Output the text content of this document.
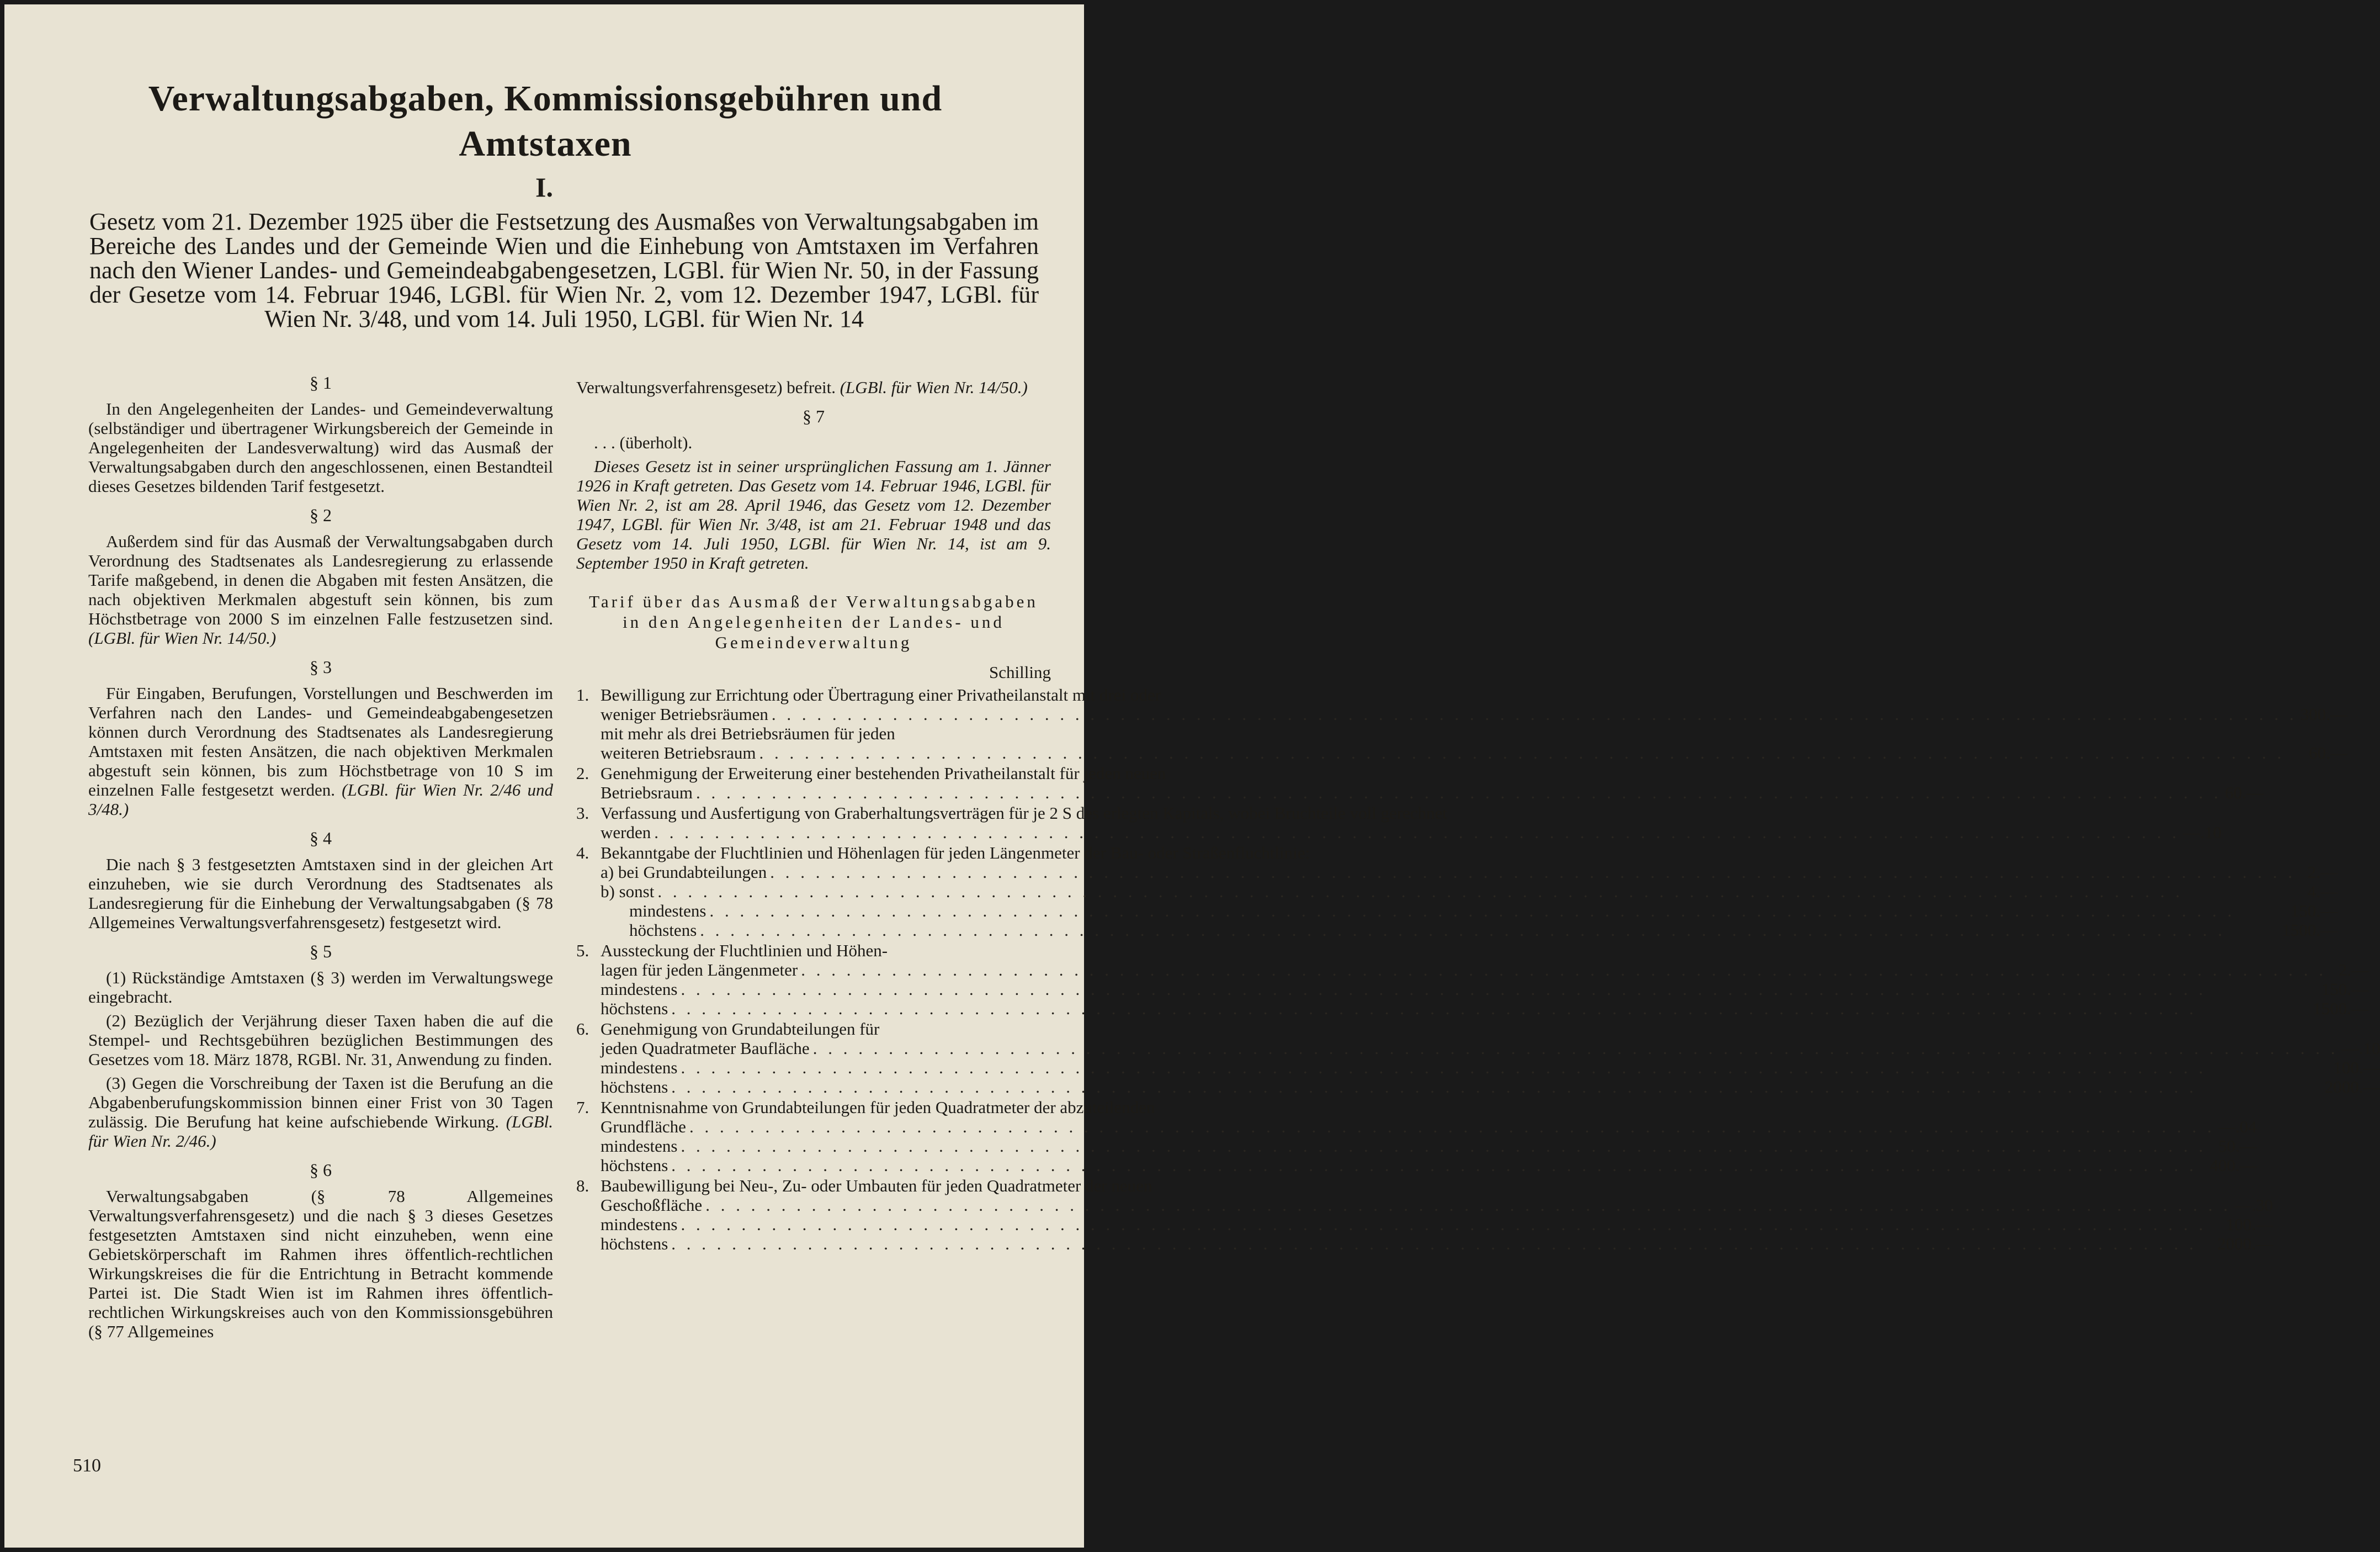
Verwaltungsabgaben, Kommissionsgebühren und Amtstaxen
I.

Gesetz vom 21. Dezember 1925 über die Festsetzung des Ausmaßes von Verwaltungsabgaben im Bereiche des Landes und der Gemeinde Wien und die Einhebung von Amtstaxen im Verfahren nach den Wiener Landes- und Gemeindeabgabengesetzen, LGBl. für Wien Nr. 50, in der Fassung der Gesetze vom 14. Februar 1946, LGBl. für Wien Nr. 2, vom 12. Dezember 1947, LGBl. für Wien Nr. 3/48, und vom 14. Juli 1950, LGBl. für Wien Nr. 14

§ 1

In den Angelegenheiten der Landes- und Gemeindeverwaltung (selbständiger und übertragener Wirkungsbereich der Gemeinde in Angelegenheiten der Landesverwaltung) wird das Ausmaß der Verwaltungsabgaben durch den angeschlossenen, einen Bestandteil dieses Gesetzes bildenden Tarif festgesetzt.

§ 2

Außerdem sind für das Ausmaß der Verwaltungsabgaben durch Verordnung des Stadtsenates als Landesregierung zu erlassende Tarife maßgebend, in denen die Abgaben mit festen Ansätzen, die nach objektiven Merkmalen abgestuft sein können, bis zum Höchstbetrage von 2000 S im einzelnen Falle festzusetzen sind. (LGBl. für Wien Nr. 14/50.)

§ 3

Für Eingaben, Berufungen, Vorstellungen und Beschwerden im Verfahren nach den Landes- und Gemeindeabgabengesetzen können durch Verordnung des Stadtsenates als Landesregierung Amtstaxen mit festen Ansätzen, die nach objektiven Merkmalen abgestuft sein können, bis zum Höchstbetrage von 10 S im einzelnen Falle festgesetzt werden. (LGBl. für Wien Nr. 2/46 und 3/48.)

§ 4

Die nach § 3 festgesetzten Amtstaxen sind in der gleichen Art einzuheben, wie sie durch Verordnung des Stadtsenates als Landesregierung für die Einhebung der Verwaltungsabgaben (§ 78 Allgemeines Verwaltungsverfahrensgesetz) festgesetzt wird.

§ 5

(1) Rückständige Amtstaxen (§ 3) werden im Verwaltungswege eingebracht.

(2) Bezüglich der Verjährung dieser Taxen haben die auf die Stempel- und Rechtsgebühren bezüglichen Bestimmungen des Gesetzes vom 18. März 1878, RGBl. Nr. 31, Anwendung zu finden.

(3) Gegen die Vorschreibung der Taxen ist die Berufung an die Abgabenberufungskommission binnen einer Frist von 30 Tagen zulässig. Die Berufung hat keine aufschiebende Wirkung. (LGBl. für Wien Nr. 2/46.)

§ 6

Verwaltungsabgaben (§ 78 Allgemeines Verwaltungsverfahrensgesetz) und die nach § 3 dieses Gesetzes festgesetzten Amtstaxen sind nicht einzuheben, wenn eine Gebietskörperschaft im Rahmen ihres öffentlich-rechtlichen Wirkungskreises die für die Entrichtung in Betracht kommende Partei ist. Die Stadt Wien ist im Rahmen ihres öffentlich-rechtlichen Wirkungskreises auch von den Kommissionsgebühren (§ 77 Allgemeines

Verwaltungsverfahrensgesetz) befreit. (LGBl. für Wien Nr. 14/50.)

§ 7

. . . (überholt).

Dieses Gesetz ist in seiner ursprünglichen Fassung am 1. Jänner 1926 in Kraft getreten. Das Gesetz vom 14. Februar 1946, LGBl. für Wien Nr. 2, ist am 28. April 1946, das Gesetz vom 12. Dezember 1947, LGBl. für Wien Nr. 3/48, ist am 21. Februar 1948 und das Gesetz vom 14. Juli 1950, LGBl. für Wien Nr. 14, ist am 9. September 1950 in Kraft getreten.

Tarif über das Ausmaß der Verwaltungsabgaben in den Angelegenheiten der Landes- und Gemeindeverwaltung
Schilling
1. Bewilligung zur Errichtung oder Übertragung einer Privatheilanstalt mit drei oder
weniger Betriebsräumen . . .	300.—
mit mehr als drei Betriebsräumen für jeden
weiteren Betriebsraum . . .	60.—
2. Genehmigung der Erweiterung einer bestehenden Privatheilanstalt für jeden neuen
Betriebsraum . . .	60.—
3. Verfassung und Ausfertigung von Graberhaltungsverträgen für je 2 S des erlegten Kapitals, wobei Bruchteile voll gerechnet
werden . . .	—.10
4. Bekanntgabe der Fluchtlinien und Höhenlagen für jeden Längenmeter der Bau- oder Straßenfluchtlinie:
a) bei Grundabteilungen . . .	2.—
b) sonst . . .	4.—
mindestens . . .	150.—
höchstens . . .	1500.—
5. Aussteckung der Fluchtlinien und Höhen-
lagen für jeden Längenmeter . . .	2.—
mindestens . . .	150.—
höchstens . . .	1500.—
6. Genehmigung von Grundabteilungen für
jeden Quadratmeter Baufläche . . .	—.10
mindestens . . .	100.—
höchstens . . .	2000.—
7. Kenntnisnahme von Grundabteilungen für jeden Quadratmeter der abzuteilenden
Grundfläche . . .	—.04
mindestens . . .	50.—
höchstens . . .	400.—
8. Baubewilligung bei Neu-, Zu- oder Umbauten für jeden Quadratmeter der neuen
Geschoßfläche . . .	—.30
mindestens . . .	100.—
höchstens . . .	2000.—
510
